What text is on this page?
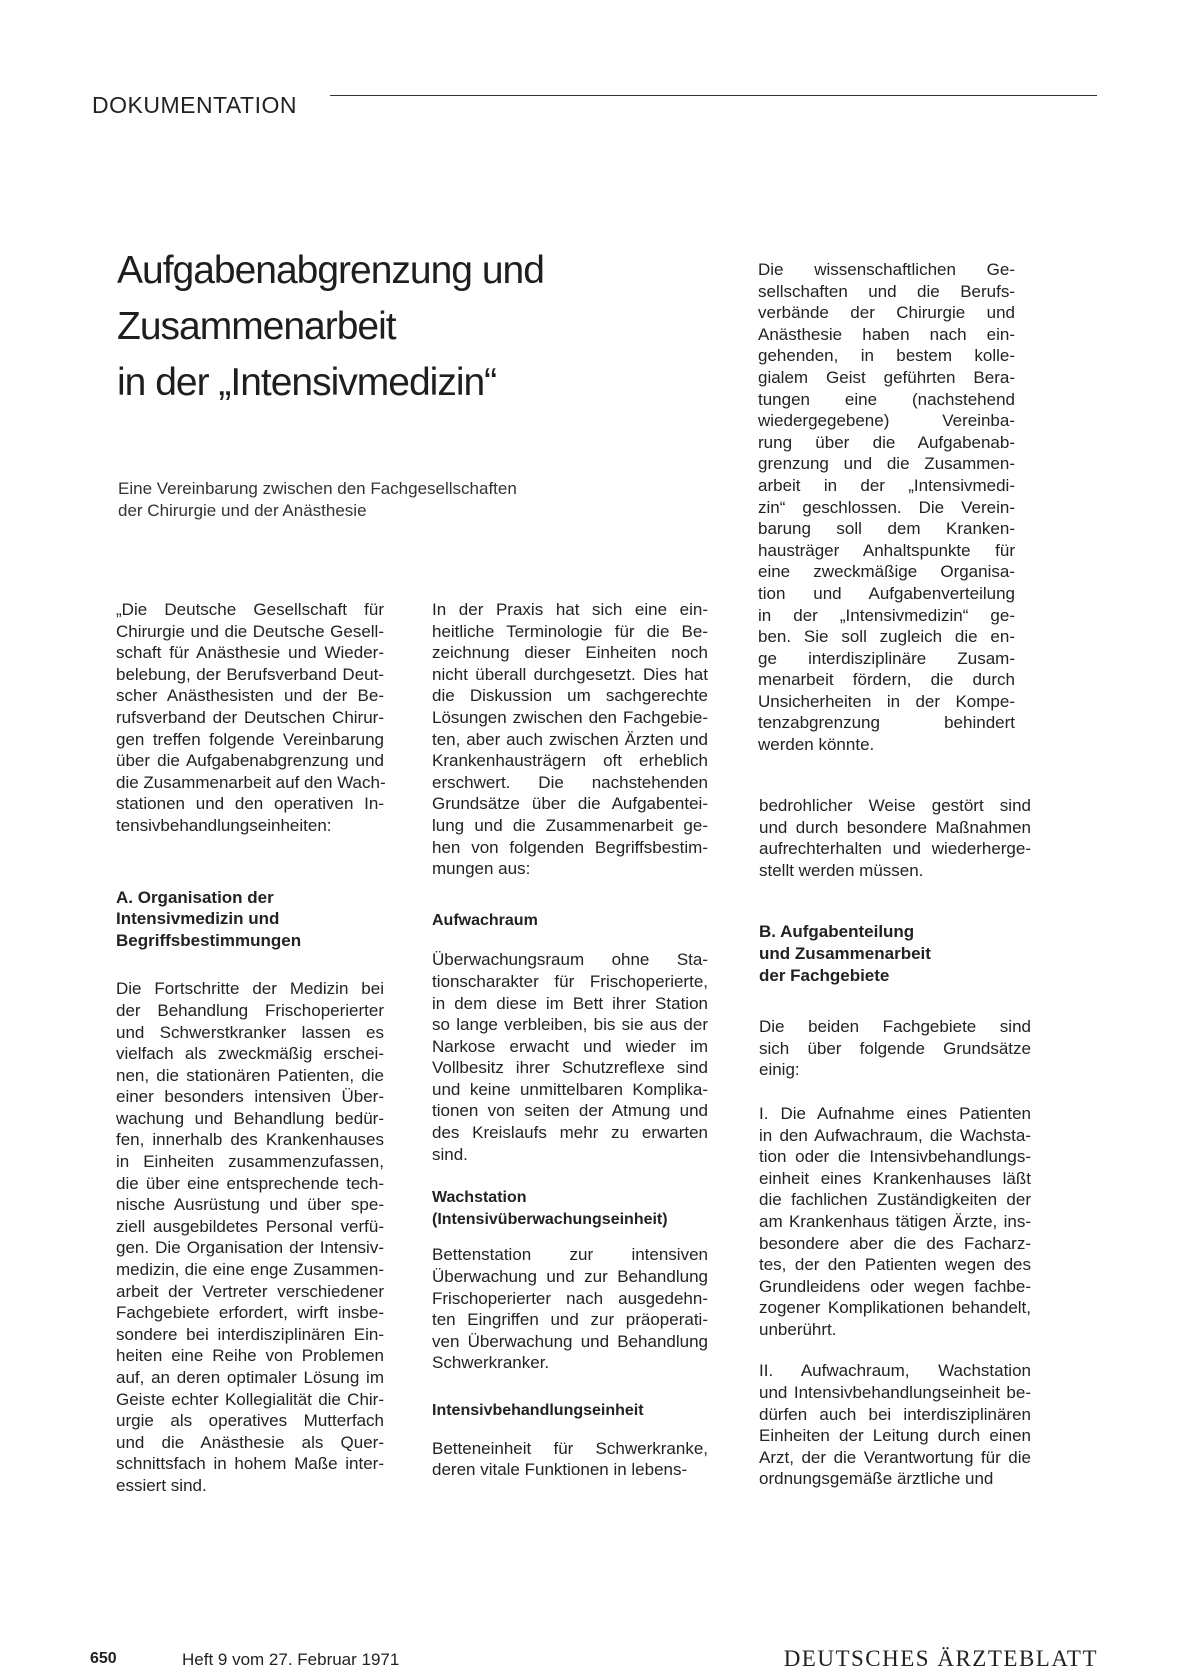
DOKUMENTATION
Aufgabenabgrenzung und
Zusammenarbeit
in der „Intensivmedizin“
Eine Vereinbarung zwischen den Fachgesellschaften
der Chirurgie und der Anästhesie
Die wissenschaftlichen Ge-
sellschaften und die Berufs-
verbände der Chirurgie und
Anästhesie haben nach ein-
gehenden, in bestem kolle-
gialem Geist geführten Bera-
tungen eine (nachstehend
wiedergegebene) Vereinba-
rung über die Aufgabenab-
grenzung und die Zusammen-
arbeit in der „Intensivmedi-
zin“ geschlossen. Die Verein-
barung soll dem Kranken-
hausträger Anhaltspunkte für
eine zweckmäßige Organisa-
tion und Aufgabenverteilung
in der „Intensivmedizin“ ge-
ben. Sie soll zugleich die en-
ge interdisziplinäre Zusam-
menarbeit fördern, die durch
Unsicherheiten in der Kompe-
tenzabgrenzung behindert
werden könnte.
„Die Deutsche Gesellschaft für
Chirurgie und die Deutsche Gesell-
schaft für Anästhesie und Wieder-
belebung, der Berufsverband Deut-
scher Anästhesisten und der Be-
rufsverband der Deutschen Chirur-
gen treffen folgende Vereinbarung
über die Aufgabenabgrenzung und
die Zusammenarbeit auf den Wach-
stationen und den operativen In-
tensivbehandlungseinheiten:
A. Organisation der
Intensivmedizin und
Begriffsbestimmungen
Die Fortschritte der Medizin bei
der Behandlung Frischoperierter
und Schwerstkranker lassen es
vielfach als zweckmäßig erschei-
nen, die stationären Patienten, die
einer besonders intensiven Über-
wachung und Behandlung bedür-
fen, innerhalb des Krankenhauses
in Einheiten zusammenzufassen,
die über eine entsprechende tech-
nische Ausrüstung und über spe-
ziell ausgebildetes Personal verfü-
gen. Die Organisation der Intensiv-
medizin, die eine enge Zusammen-
arbeit der Vertreter verschiedener
Fachgebiete erfordert, wirft insbe-
sondere bei interdisziplinären Ein-
heiten eine Reihe von Problemen
auf, an deren optimaler Lösung im
Geiste echter Kollegialität die Chir-
urgie als operatives Mutterfach
und die Anästhesie als Quer-
schnittsfach in hohem Maße inter-
essiert sind.
In der Praxis hat sich eine ein-
heitliche Terminologie für die Be-
zeichnung dieser Einheiten noch
nicht überall durchgesetzt. Dies hat
die Diskussion um sachgerechte
Lösungen zwischen den Fachgebie-
ten, aber auch zwischen Ärzten und
Krankenhausträgern oft erheblich
erschwert. Die nachstehenden
Grundsätze über die Aufgabentei-
lung und die Zusammenarbeit ge-
hen von folgenden Begriffsbestim-
mungen aus:
Aufwachraum
Überwachungsraum ohne Sta-
tionscharakter für Frischoperierte,
in dem diese im Bett ihrer Station
so lange verbleiben, bis sie aus der
Narkose erwacht und wieder im
Vollbesitz ihrer Schutzreflexe sind
und keine unmittelbaren Komplika-
tionen von seiten der Atmung und
des Kreislaufs mehr zu erwarten
sind.
Wachstation
(Intensivüberwachungseinheit)
Bettenstation zur intensiven
Überwachung und zur Behandlung
Frischoperierter nach ausgedehn-
ten Eingriffen und zur präoperati-
ven Überwachung und Behandlung
Schwerkranker.
Intensivbehandlungseinheit
Betteneinheit für Schwerkranke,
deren vitale Funktionen in lebens-
bedrohlicher Weise gestört sind
und durch besondere Maßnahmen
aufrechterhalten und wiederherge-
stellt werden müssen.
B. Aufgabenteilung
und Zusammenarbeit
der Fachgebiete
Die beiden Fachgebiete sind
sich über folgende Grundsätze
einig:
I. Die Aufnahme eines Patienten
in den Aufwachraum, die Wachsta-
tion oder die Intensivbehandlungs-
einheit eines Krankenhauses läßt
die fachlichen Zuständigkeiten der
am Krankenhaus tätigen Ärzte, ins-
besondere aber die des Facharz-
tes, der den Patienten wegen des
Grundleidens oder wegen fachbe-
zogener Komplikationen behandelt,
unberührt.
II. Aufwachraum, Wachstation
und Intensivbehandlungseinheit be-
dürfen auch bei interdisziplinären
Einheiten der Leitung durch einen
Arzt, der die Verantwortung für die
ordnungsgemäße ärztliche und
650	Heft 9 vom 27. Februar 1971	DEUTSCHES ÄRZTEBLATT
